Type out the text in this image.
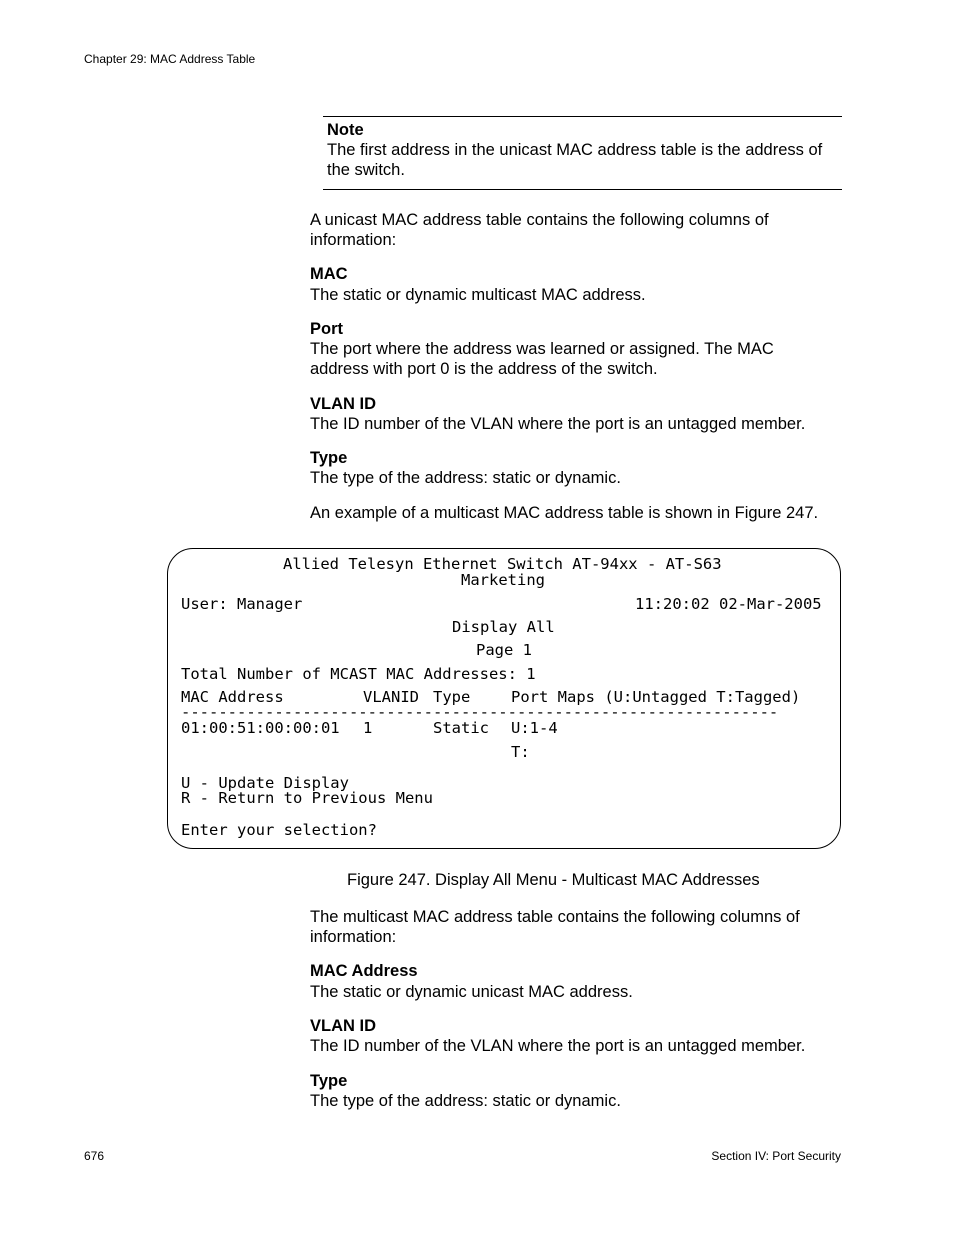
Chapter 29: MAC Address Table
Note
The first address in the unicast MAC address table is the address of
the switch.
A unicast MAC address table contains the following columns of
information:
MAC
The static or dynamic multicast MAC address.
Port
The port where the address was learned or assigned. The MAC
address with port 0 is the address of the switch.
VLAN ID
The ID number of the VLAN where the port is an untagged member.
Type
The type of the address: static or dynamic.
An example of a multicast MAC address table is shown in Figure 247.
Allied Telesyn Ethernet Switch AT-94xx - AT-S63
Marketing
User: Manager	11:20:02 02-Mar-2005
Display All
Page 1
Total Number of MCAST MAC Addresses: 1
MAC Address	VLANID Type	Port Maps (U:Untagged T:Tagged)
----------------------------------------------------------------
01:00:51:00:00:01 1	Static U:1-4
T:
U - Update Display
R - Return to Previous Menu
Enter your selection?
Figure 247. Display All Menu - Multicast MAC Addresses
The multicast MAC address table contains the following columns of
information:
MAC Address
The static or dynamic unicast MAC address.
VLAN ID
The ID number of the VLAN where the port is an untagged member.
Type
The type of the address: static or dynamic.
676	Section IV: Port Security
